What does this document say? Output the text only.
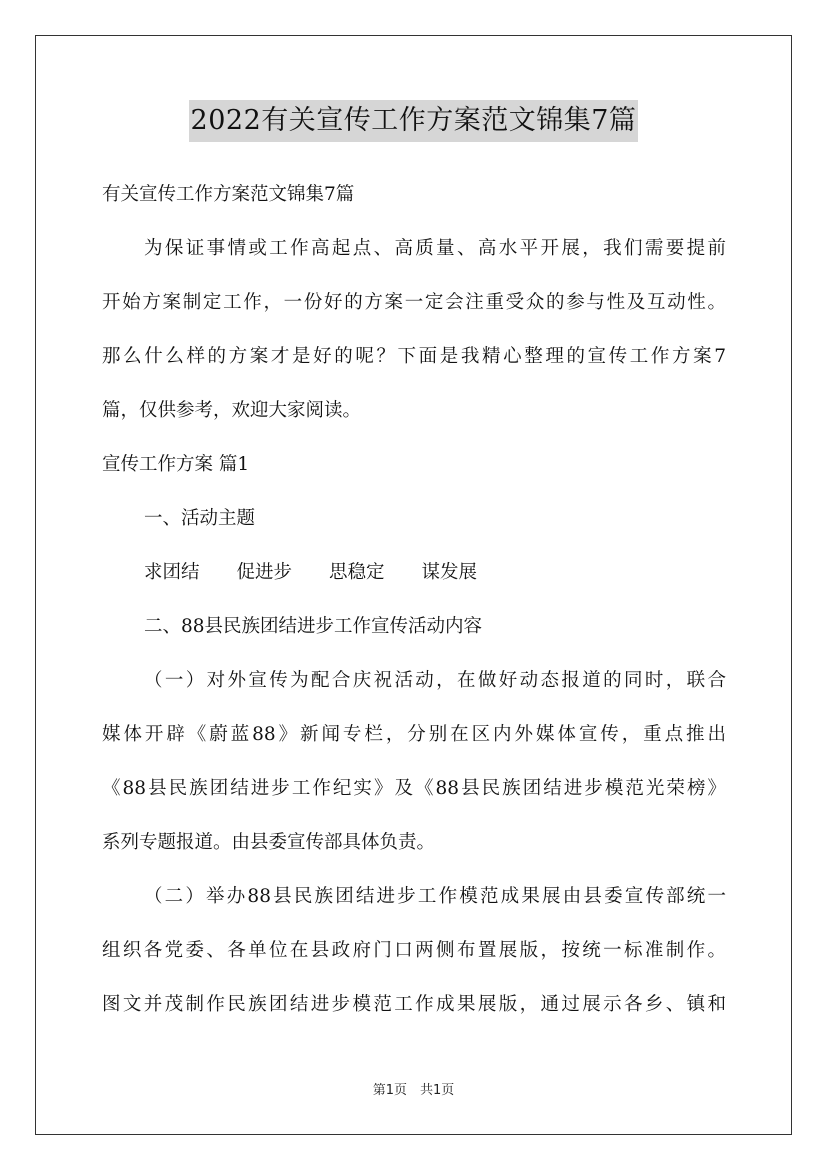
2022有关宣传工作方案范文锦集7篇
有关宣传工作方案范文锦集7篇
为保证事情或工作高起点、高质量、高水平开展，我们需要提前
开始方案制定工作，一份好的方案一定会注重受众的参与性及互动性。
那么什么样的方案才是好的呢？下面是我精心整理的宣传工作方案7
篇，仅供参考，欢迎大家阅读。
宣传工作方案 篇1
一、活动主题
求团结　　促进步　　思稳定　　谋发展
二、88县民族团结进步工作宣传活动内容
（一）对外宣传为配合庆祝活动，在做好动态报道的同时，联合
媒体开辟《蔚蓝88》新闻专栏，分别在区内外媒体宣传，重点推出
《88县民族团结进步工作纪实》及《88县民族团结进步模范光荣榜》
系列专题报道。由县委宣传部具体负责。
（二）举办88县民族团结进步工作模范成果展由县委宣传部统一
组织各党委、各单位在县政府门口两侧布置展版，按统一标准制作。
图文并茂制作民族团结进步模范工作成果展版，通过展示各乡、镇和
第1页　共1页
